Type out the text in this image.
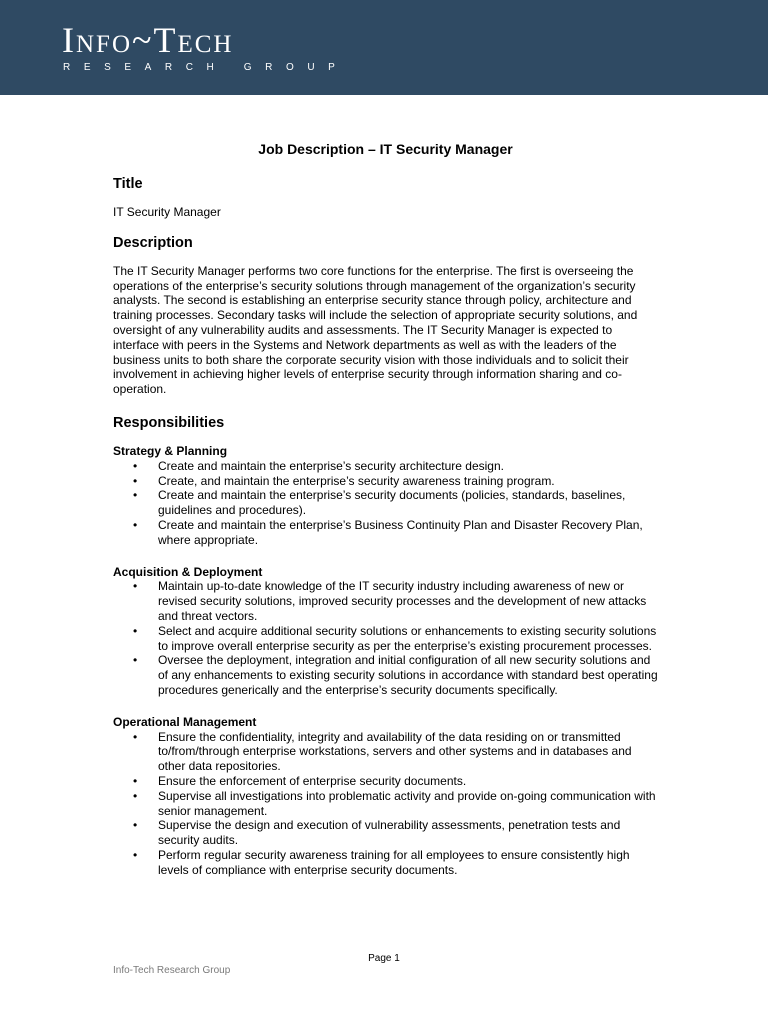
Info~Tech
RESEARCH GROUP
Job Description – IT Security Manager
Title

IT Security Manager

Description

The IT Security Manager performs two core functions for the enterprise. The first is overseeing the operations of the enterprise’s security solutions through management of the organization’s security analysts. The second is establishing an enterprise security stance through policy, architecture and training processes. Secondary tasks will include the selection of appropriate security solutions, and oversight of any vulnerability audits and assessments. The IT Security Manager is expected to interface with peers in the Systems and Network departments as well as with the leaders of the business units to both share the corporate security vision with those individuals and to solicit their involvement in achieving higher levels of enterprise security through information sharing and co-operation.

Responsibilities
Strategy & Planning
• Create and maintain the enterprise’s security architecture design.
• Create, and maintain the enterprise’s security awareness training program.
• Create and maintain the enterprise’s security documents (policies, standards, baselines, guidelines and procedures).
• Create and maintain the enterprise’s Business Continuity Plan and Disaster Recovery Plan, where appropriate.
Acquisition & Deployment
• Maintain up-to-date knowledge of the IT security industry including awareness of new or revised security solutions, improved security processes and the development of new attacks and threat vectors.
• Select and acquire additional security solutions or enhancements to existing security solutions to improve overall enterprise security as per the enterprise’s existing procurement processes.
• Oversee the deployment, integration and initial configuration of all new security solutions and of any enhancements to existing security solutions in accordance with standard best operating procedures generically and the enterprise’s security documents specifically.
Operational Management
• Ensure the confidentiality, integrity and availability of the data residing on or transmitted to/from/through enterprise workstations, servers and other systems and in databases and other data repositories.
• Ensure the enforcement of enterprise security documents.
• Supervise all investigations into problematic activity and provide on-going communication with senior management.
• Supervise the design and execution of vulnerability assessments, penetration tests and security audits.
• Perform regular security awareness training for all employees to ensure consistently high levels of compliance with enterprise security documents.
Page 1
Info-Tech Research Group
